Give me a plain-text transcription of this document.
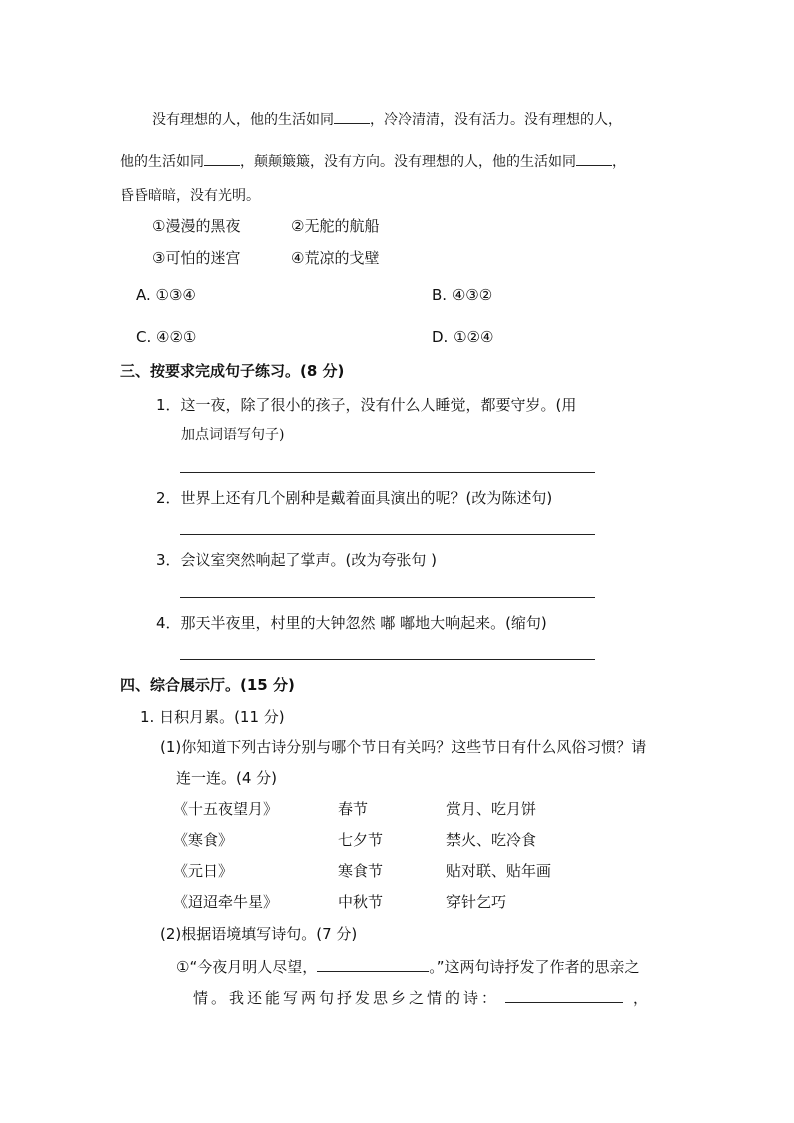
没有理想的人，他的生活如同	，冷冷清清，没有活力。没有理想的人，
他的生活如同	，颠颠簸簸，没有方向。没有理想的人，他的生活如同	，
昏昏暗暗，没有光明。
①漫漫的黑夜	②无舵的航船
③可怕的迷宫	④荒凉的戈壁
A. ①③④	B. ④③②
C. ④②①	D. ①②④
三、按要求完成句子练习。(8 分)
1．这一夜，除了很小的孩子，没有什么人睡觉，都要守岁。(用
加点词语写句子)
2．世界上还有几个剧种是戴着面具演出的呢？(改为陈述句)
3．会议室突然响起了掌声。(改为夸张句 )
4．那天半夜里，村里的大钟忽然 嘟 嘟地大响起来。(缩句)
四、综合展示厅。(15 分)
1. 日积月累。(11 分)
(1)你知道下列古诗分别与哪个节日有关吗？这些节日有什么风俗习惯？请
连一连。(4 分)
《十五夜望月》	春节	赏月、吃月饼
《寒食》	七夕节	禁火、吃冷食
《元日》	寒食节	贴对联、贴年画
《迢迢牵牛星》	中秋节	穿针乞巧
(2)根据语境填写诗句。(7 分)
①“今夜月明人尽望，	。”这两句诗抒发了作者的思亲之
情。我还能写两句抒发思乡之情的诗：	，
